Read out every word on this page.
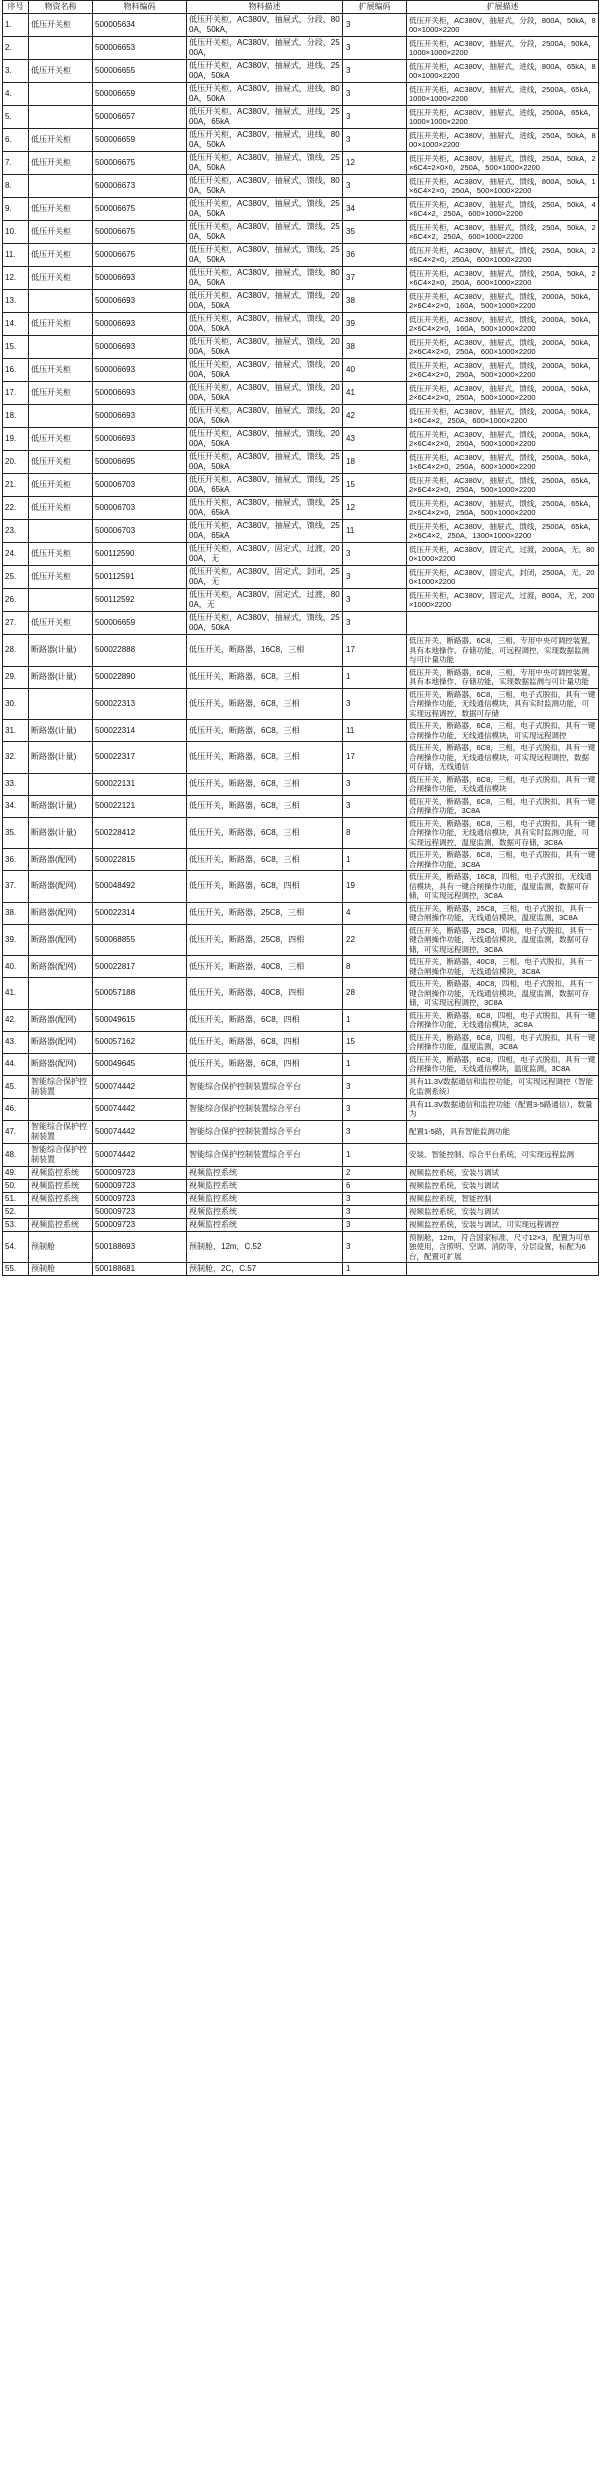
序号	物资名称	物料编码	物料描述	扩展编码	扩展描述
1.	低压开关柜	500005634	低压开关柜，AC380V，抽屉式，分段，800A，50kA，	3	低压开关柜，AC380V，抽屉式，分段，800A，50kA，800×1000×2200
2.		500006653	低压开关柜，AC380V，抽屉式，分段，2500A，	3	低压开关柜，AC380V，抽屉式，分段，2500A，50kA，1000×1000×2200
3.	低压开关柜	500006655	低压开关柜，AC380V，抽屉式，进线，2500A，50kA	3	低压开关柜，AC380V，抽屉式，进线，800A，65kA，800×1000×2200
4.		500006659	低压开关柜，AC380V，抽屉式，进线，800A，50kA	3	低压开关柜，AC380V，抽屉式，进线，2500A，65kA，1000×1000×2200
5.		500006657	低压开关柜，AC380V，抽屉式，进线，2500A，65kA	3	低压开关柜，AC380V，抽屉式，进线，2500A，65kA，1000×1000×2200
6.	低压开关柜	500006659	低压开关柜，AC380V，抽屉式，进线，800A，50kA	3	低压开关柜，AC380V，抽屉式，进线，250A，50kA，800×1000×2200
7.	低压开关柜	500006675	低压开关柜，AC380V，抽屉式，馈线，250A，50kA	12	低压开关柜，AC380V，抽屉式，馈线，250A，50kA，2×6C4=2×0×0，250A，500×1000×2200
8.		500006673	低压开关柜，AC380V，抽屉式，馈线，800A，50kA	3	低压开关柜，AC380V，抽屉式，馈线，800A，50kA，1×6C4×2×0，250A，500×1000×2200
9.	低压开关柜	500006675	低压开关柜，AC380V，抽屉式，馈线，250A，50kA	34	低压开关柜，AC380V，抽屉式，馈线，250A，50kA，4×6C4×2，250A，600×1000×2200
10.	低压开关柜	500006675	低压开关柜，AC380V，抽屉式，馈线，250A，50kA	35	低压开关柜，AC380V，抽屉式，馈线，250A，50kA，2×6C4×2，250A，600×1000×2200
11.	低压开关柜	500006675	低压开关柜，AC380V，抽屉式，馈线，250A，50kA	36	低压开关柜，AC380V，抽屉式，馈线，250A，50kA，2×6C4×2×0，250A，600×1000×2200
12.	低压开关柜	500006693	低压开关柜，AC380V，抽屉式，馈线，800A，50kA	37	低压开关柜，AC380V，抽屉式，馈线，250A，50kA，2×6C4×2×0，250A，600×1000×2200
13.		500006693	低压开关柜，AC380V，抽屉式，馈线，2000A，50kA	38	低压开关柜，AC380V，抽屉式，馈线，2000A，50kA，2×6C4×2×0，160A，500×1000×2200
14.	低压开关柜	500006693	低压开关柜，AC380V，抽屉式，馈线，2000A，50kA	39	低压开关柜，AC380V，抽屉式，馈线，2000A，50kA，2×6C4×2×0，160A，500×1000×2200
15.		500006693	低压开关柜，AC380V，抽屉式，馈线，2000A，50kA	38	低压开关柜，AC380V，抽屉式，馈线，2000A，50kA，2×6C4×2×0，250A，600×1000×2200
16.	低压开关柜	500006693	低压开关柜，AC380V，抽屉式，馈线，2000A，50kA	40	低压开关柜，AC380V，抽屉式，馈线，2000A，50kA，2×6C4×2×0，250A，500×1000×2200
17.	低压开关柜	500006693	低压开关柜，AC380V，抽屉式，馈线，2000A，50kA	41	低压开关柜，AC380V，抽屉式，馈线，2000A，50kA，2×6C4×2×0，250A，500×1000×2200
18.		500006693	低压开关柜，AC380V，抽屉式，馈线，2000A，50kA	42	低压开关柜，AC380V，抽屉式，馈线，2000A，50kA，1×6C4×2，250A，600×1000×2200
19.	低压开关柜	500006693	低压开关柜，AC380V，抽屉式，馈线，2000A，50kA	43	低压开关柜，AC380V，抽屉式，馈线，2000A，50kA，2×6C4×2×0，250A，500×1000×2200
20.	低压开关柜	500006695	低压开关柜，AC380V，抽屉式，馈线，2500A，50kA	18	低压开关柜，AC380V，抽屉式，馈线，2500A，50kA，1×6C4×2×0，250A，600×1000×2200
21.	低压开关柜	500006703	低压开关柜，AC380V，抽屉式，馈线，2500A，65kA	15	低压开关柜，AC380V，抽屉式，馈线，2500A，65kA，2×6C4×2×0，250A，500×1000×2200
22.	低压开关柜	500006703	低压开关柜，AC380V，抽屉式，馈线，2500A，65kA	12	低压开关柜，AC380V，抽屉式，馈线，2500A，65kA，2×6C4×2×0，250A，500×1000×2200
23.		500006703	低压开关柜，AC380V，抽屉式，馈线，2500A，65kA	11	低压开关柜，AC380V，抽屉式，馈线，2500A，65kA，2×6C4×2，250A，1300×1000×2200
24.	低压开关柜	500112590	低压开关柜，AC380V，固定式，过渡，2000A，无	3	低压开关柜，AC380V，固定式，过渡，2000A，无，800×1000×2200
25.	低压开关柜	500112591	低压开关柜，AC380V，固定式，封闭，2500A，无	3	低压开关柜，AC380V，固定式，封闭，2500A，无，200×1000×2200
26.		500112592	低压开关柜，AC380V，固定式，过渡，800A，无	3	低压开关柜，AC380V，固定式，过渡，800A，无，200×1000×2200
27.	低压开关柜	500006659	低压开关柜，AC380V，抽屉式，馈线，2500A，50kA	3	
28.	断路器(计量)	500022888	低压开关，断路器，16C8，三相	17	低压开关，断路器，6C8，三相，专用中央可调控装置，具有本地操作、存储功能，可远程调控，实现数据监测与可计量功能
29.	断路器(计量)	500022890	低压开关，断路器，6C8，三相	1	低压开关，断路器，6C8，三相，专用中央可调控装置，具有本地操作、存储功能，实现数据监测与可计量功能
30.		500022313	低压开关，断路器，6C8，三相	3	低压开关，断路器，6C8，三相，电子式脱扣，具有一键合闸操作功能，无线通信模块，具有实时监测功能，可实现远程调控，数据可存储
31.	断路器(计量)	500022314	低压开关，断路器，6C8，三相	11	低压开关，断路器，6C8，三相，电子式脱扣，具有一键合闸操作功能，无线通信模块，可实现远程调控
32.	断路器(计量)	500022317	低压开关，断路器，6C8，三相	17	低压开关，断路器，6C8，三相，电子式脱扣，具有一键合闸操作功能，无线通信模块，可实现远程调控，数据可存储，无线通信
33.		500022131	低压开关，断路器，6C8，三相	3	低压开关，断路器，6C8，三相，电子式脱扣，具有一键合闸操作功能，无线通信模块
34.	断路器(计量)	500022121	低压开关，断路器，6C8，三相	3	低压开关，断路器，6C8，三相，电子式脱扣，具有一键合闸操作功能，3C8A
35.	断路器(计量)	500228412	低压开关，断路器，6C8，三相	8	低压开关，断路器，6C8，三相，电子式脱扣，具有一键合闸操作功能，无线通信模块，具有实时监测功能，可实现远程调控，温度监测，数据可存储，3C8A
36.	断路器(配网)	500022815	低压开关，断路器，6C8，三相	1	低压开关，断路器，6C8，三相，电子式脱扣，具有一键合闸操作功能，3C8A
37.	断路器(配网)	500048492	低压开关，断路器，6C8，四相	19	低压开关，断路器，16C8，四相，电子式脱扣，无线通信模块，具有一键合闸操作功能，温度监测，数据可存储，可实现远程调控，3C8A
38.	断路器(配网)	500022314	低压开关，断路器，25C8，三相	4	低压开关，断路器，25C8，三相，电子式脱扣，具有一键合闸操作功能，无线通信模块，温度监测，3C8A
39.	断路器(配网)	500068855	低压开关，断路器，25C8，四相	22	低压开关，断路器，25C8，四相，电子式脱扣，具有一键合闸操作功能，无线通信模块，温度监测，数据可存储，可实现远程调控，3C8A
40.	断路器(配网)	500022817	低压开关，断路器，40C8，三相	8	低压开关，断路器，40C8，三相，电子式脱扣，具有一键合闸操作功能，无线通信模块，3C8A
41.		500057188	低压开关，断路器，40C8，四相	28	低压开关，断路器，40C8，四相，电子式脱扣，具有一键合闸操作功能，无线通信模块，温度监测，数据可存储，可实现远程调控，3C8A
42.	断路器(配网)	500049615	低压开关，断路器，6C8，四相	1	低压开关，断路器，6C8，四相，电子式脱扣，具有一键合闸操作功能，无线通信模块，3C8A
43.	断路器(配网)	500057162	低压开关，断路器，6C8，四相	15	低压开关，断路器，6C8，四相，电子式脱扣，具有一键合闸操作功能，温度监测，3C8A
44.	断路器(配网)	500049645	低压开关，断路器，6C8，四相	1	低压开关，断路器，6C8，四相，电子式脱扣，具有一键合闸操作功能，无线通信模块，温度监测，3C8A
45.	智能综合保护控制装置	500074442	智能综合保护控制装置综合平台	3	具有11.3V数据通信和监控功能，可实现远程调控（智能化监测系统）
46.		500074442	智能综合保护控制装置综合平台	3	具有11.3V数据通信和监控功能（配置3-5路通信），数量为
47.	智能综合保护控制装置	500074442	智能综合保护控制装置综合平台	3	配置1-5路，具有智能监测功能
48.	智能综合保护控制装置	500074442	智能综合保护控制装置综合平台	1	安装、智能控制、综合平台系统，可实现远程监测
49.	视频监控系统	500009723	视频监控系统	2	视频监控系统，安装与调试
50.	视频监控系统	500009723	视频监控系统	6	视频监控系统，安装与调试
51.	视频监控系统	500009723	视频监控系统	3	视频监控系统，智能控制
52.		500009723	视频监控系统	3	视频监控系统，安装与调试
53.	视频监控系统	500009723	视频监控系统	3	视频监控系统，安装与调试，可实现远程调控
54.	预制舱	500188693	预制舱，12m，C.52	3	预制舱，12m，符合国家标准，尺寸12×3，配置为可单独使用，含照明、空调、消防等，分层设置，标配为6台，配置可扩展
55.	预制舱	500188681	预制舱，2C，C.57	1	
